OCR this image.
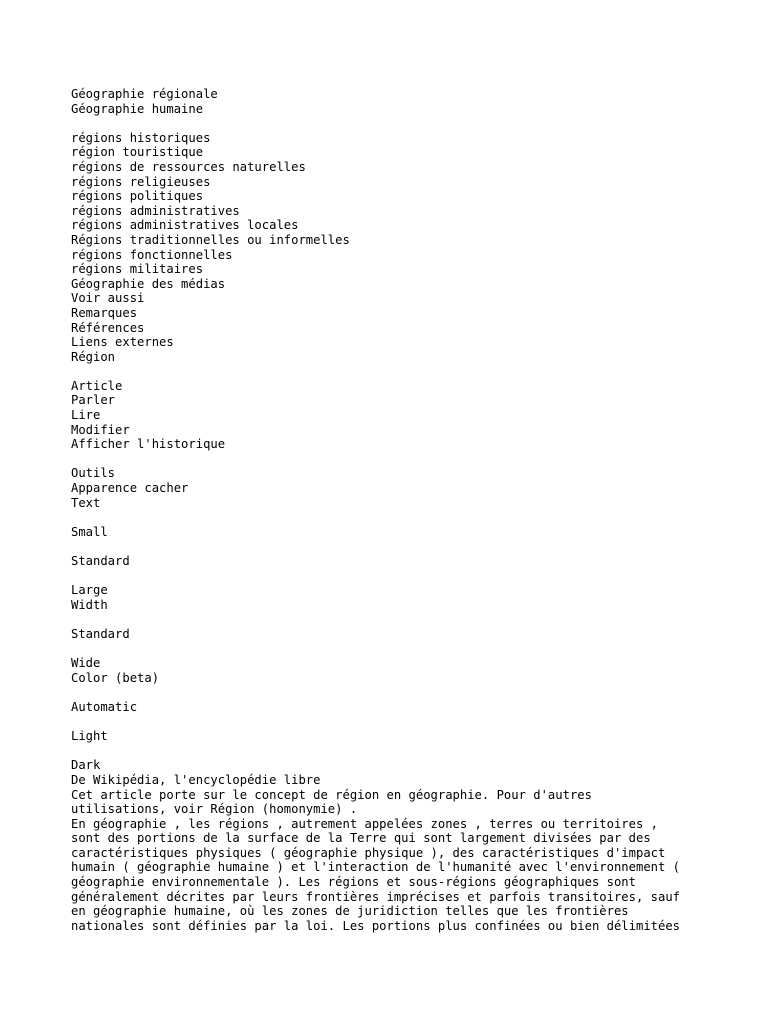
Géographie régionale
Géographie humaine
régions historiques
région touristique
régions de ressources naturelles
régions religieuses
régions politiques
régions administratives
régions administratives locales
Régions traditionnelles ou informelles
régions fonctionnelles
régions militaires
Géographie des médias
Voir aussi
Remarques
Références
Liens externes
Région
Article
Parler
Lire
Modifier
Afficher l'historique
Outils
Apparence cacher
Text
Small
Standard
Large
Width
Standard
Wide
Color (beta)
Automatic
Light
Dark
De Wikipédia, l'encyclopédie libre
Cet article porte sur le concept de région en géographie. Pour d'autres
utilisations, voir Région (homonymie) .
En géographie , les régions , autrement appelées zones , terres ou territoires ,
sont des portions de la surface de la Terre qui sont largement divisées par des
caractéristiques physiques ( géographie physique ), des caractéristiques d'impact
humain ( géographie humaine ) et l'interaction de l'humanité avec l'environnement (
géographie environnementale ). Les régions et sous-régions géographiques sont
généralement décrites par leurs frontières imprécises et parfois transitoires, sauf
en géographie humaine, où les zones de juridiction telles que les frontières
nationales sont définies par la loi. Les portions plus confinées ou bien délimitées
